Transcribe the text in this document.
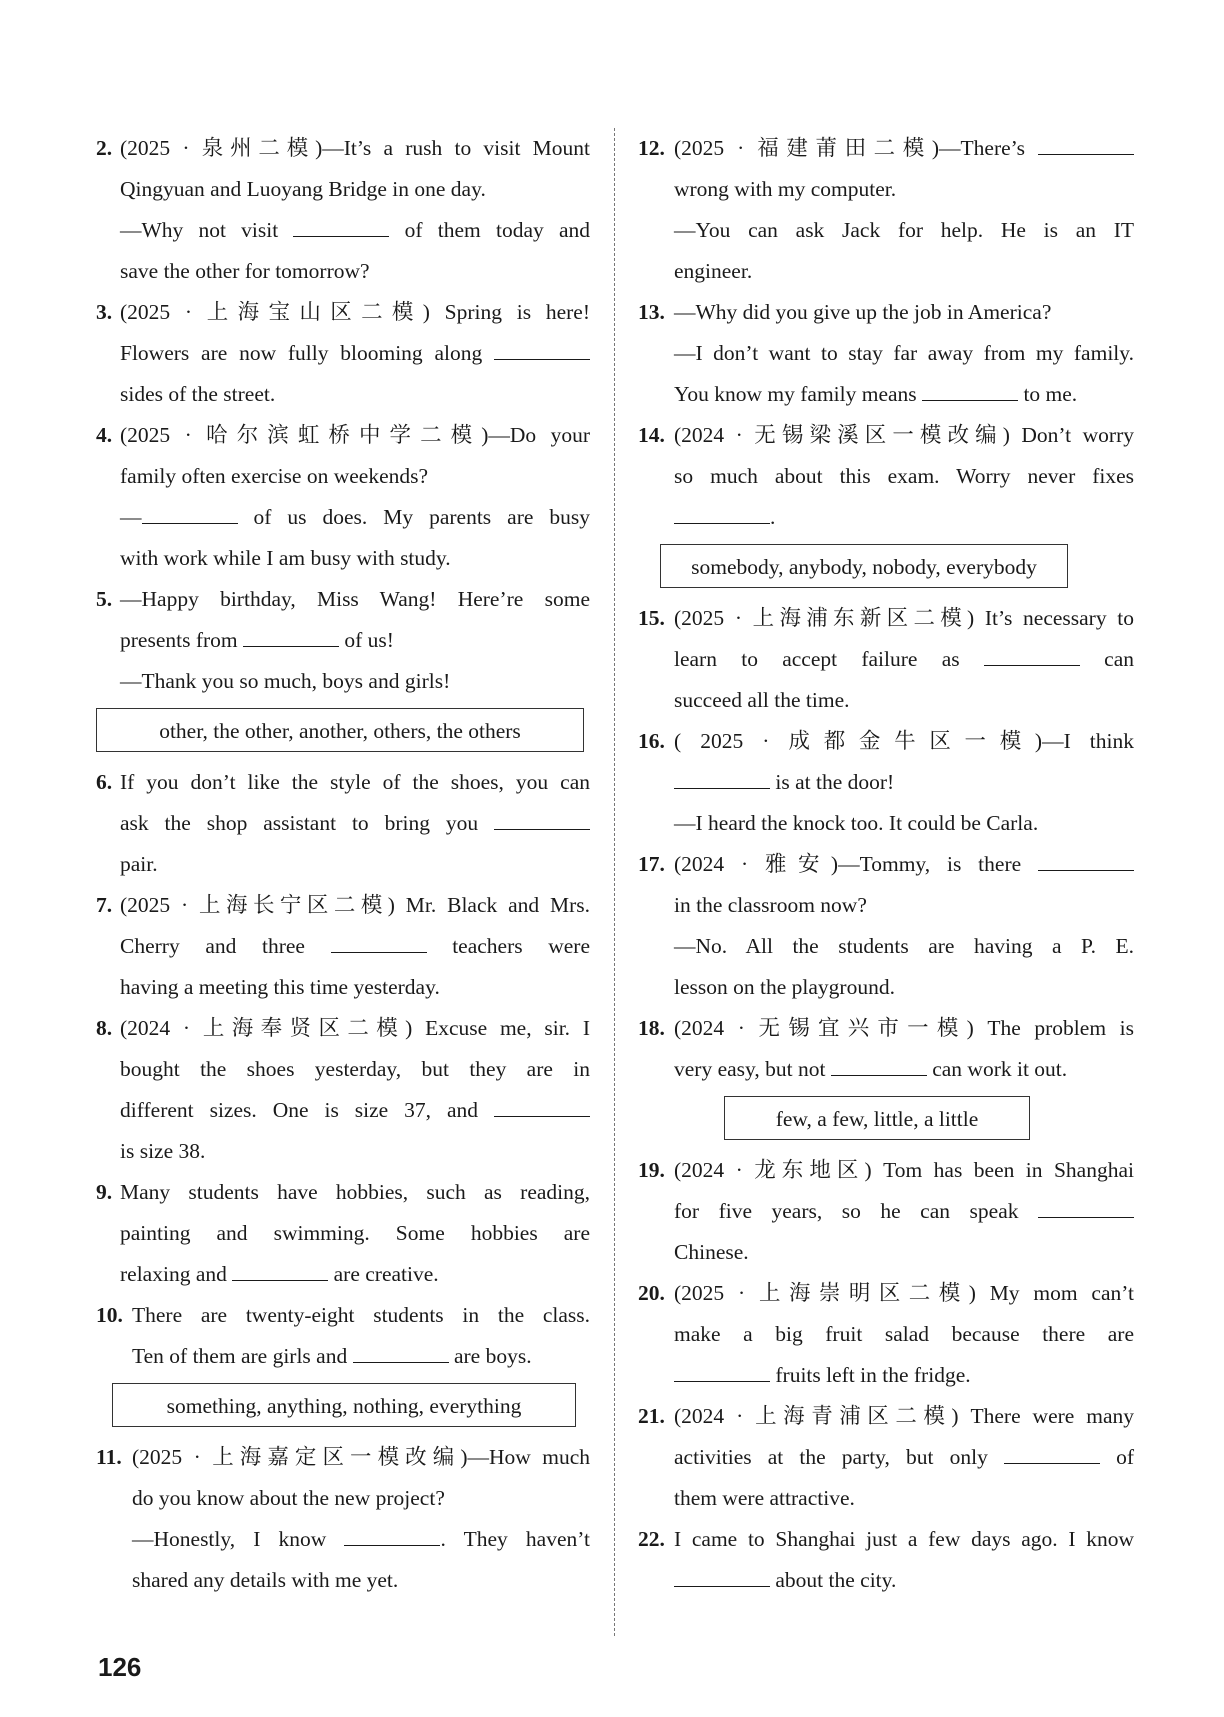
2. (2025 · 泉州二模)—It’s a rush to visit Mount
Qingyuan and Luoyang Bridge in one day.
—Why not visit	of them today and
save the other for tomorrow?
3. (2025 · 上海宝山区二模) Spring is here!
Flowers are now fully blooming along
sides of the street.
4. (2025 · 哈尔滨虹桥中学二模)—Do your
family often exercise on weekends?
—	of us does. My parents are busy
with work while I am busy with study.
5. —Happy birthday, Miss Wang! Here’re some
presents from	of us!
—Thank you so much, boys and girls!
other, the other, another, others, the others
6. If you don’t like the style of the shoes, you can
ask the shop assistant to bring you
pair.
7. (2025 · 上海长宁区二模) Mr. Black and Mrs.
Cherry and three	teachers were
having a meeting this time yesterday.
8. (2024 · 上海奉贤区二模) Excuse me, sir. I
bought the shoes yesterday, but they are in
different sizes. One is size 37, and
is size 38.
9. Many students have hobbies, such as reading,
painting and swimming. Some hobbies are
relaxing and	are creative.
10. There are twenty-eight students in the class.
Ten of them are girls and	are boys.
something, anything, nothing, everything
11. (2025 · 上海嘉定区一模改编)—How much
do you know about the new project?
—Honestly, I know	. They haven’t
shared any details with me yet.
12. (2025 · 福建莆田二模)—There’s
wrong with my computer.
—You can ask Jack for help. He is an IT
engineer.
13. —Why did you give up the job in America?
—I don’t want to stay far away from my family.
You know my family means	to me.
14. (2024 · 无锡梁溪区一模改编) Don’t worry
so much about this exam. Worry never fixes
.
somebody, anybody, nobody, everybody
15. (2025 · 上海浦东新区二模) It’s necessary to
learn to accept failure as	can
succeed all the time.
16. ( 2025 · 成都金牛区一模)—I think
is at the door!
—I heard the knock too. It could be Carla.
17. (2024 · 雅安)—Tommy, is there
in the classroom now?
—No. All the students are having a P. E.
lesson on the playground.
18. (2024 · 无锡宜兴市一模) The problem is
very easy, but not	can work it out.
few, a few, little, a little
19. (2024 · 龙东地区) Tom has been in Shanghai
for five years, so he can speak
Chinese.
20. (2025 · 上海崇明区二模) My mom can’t
make a big fruit salad because there are
fruits left in the fridge.
21. (2024 · 上海青浦区二模) There were many
activities at the party, but only	of
them were attractive.
22. I came to Shanghai just a few days ago. I know
about the city.
126
